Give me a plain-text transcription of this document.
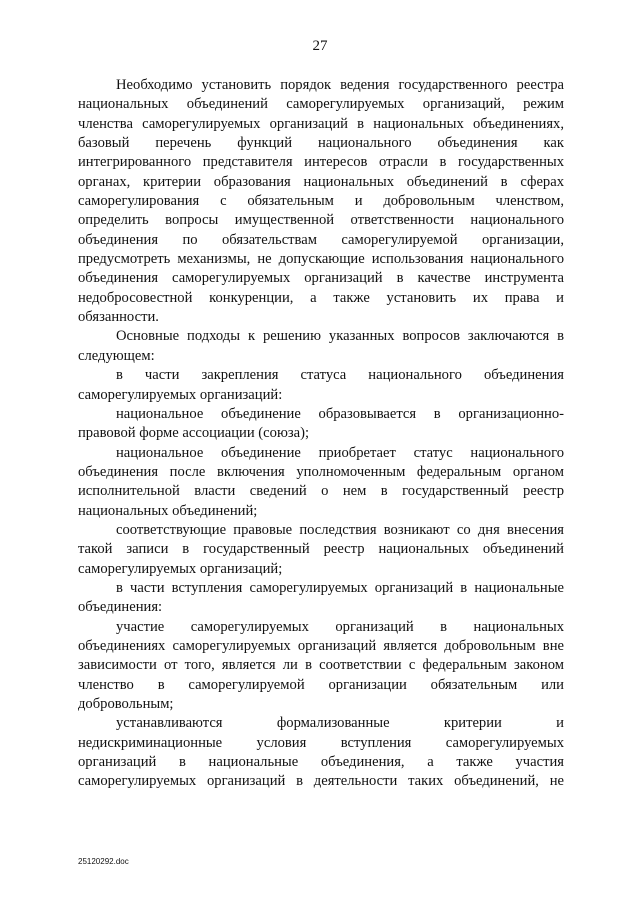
27
Необходимо установить порядок ведения государственного реестра
национальных объединений саморегулируемых организаций, режим
членства саморегулируемых организаций в национальных объединениях,
базовый перечень функций национального объединения как
интегрированного представителя интересов отрасли в государственных
органах, критерии образования национальных объединений в сферах
саморегулирования с обязательным и добровольным членством,
определить вопросы имущественной ответственности национального
объединения по обязательствам саморегулируемой организации,
предусмотреть механизмы, не допускающие использования национального
объединения саморегулируемых организаций в качестве инструмента
недобросовестной конкуренции, а также установить их права и
обязанности.
Основные подходы к решению указанных вопросов заключаются в
следующем:
в части закрепления статуса национального объединения
саморегулируемых организаций:
национальное объединение образовывается в организационно-
правовой форме ассоциации (союза);
национальное объединение приобретает статус национального
объединения после включения уполномоченным федеральным органом
исполнительной власти сведений о нем в государственный реестр
национальных объединений;
соответствующие правовые последствия возникают со дня внесения
такой записи в государственный реестр национальных объединений
саморегулируемых организаций;
в части вступления саморегулируемых организаций в национальные
объединения:
участие саморегулируемых организаций в национальных
объединениях саморегулируемых организаций является добровольным вне
зависимости от того, является ли в соответствии с федеральным законом
членство в саморегулируемой организации обязательным или
добровольным;
устанавливаются формализованные критерии и
недискриминационные условия вступления саморегулируемых
организаций в национальные объединения, а также участия
саморегулируемых организаций в деятельности таких объединений, не
25120292.doc
